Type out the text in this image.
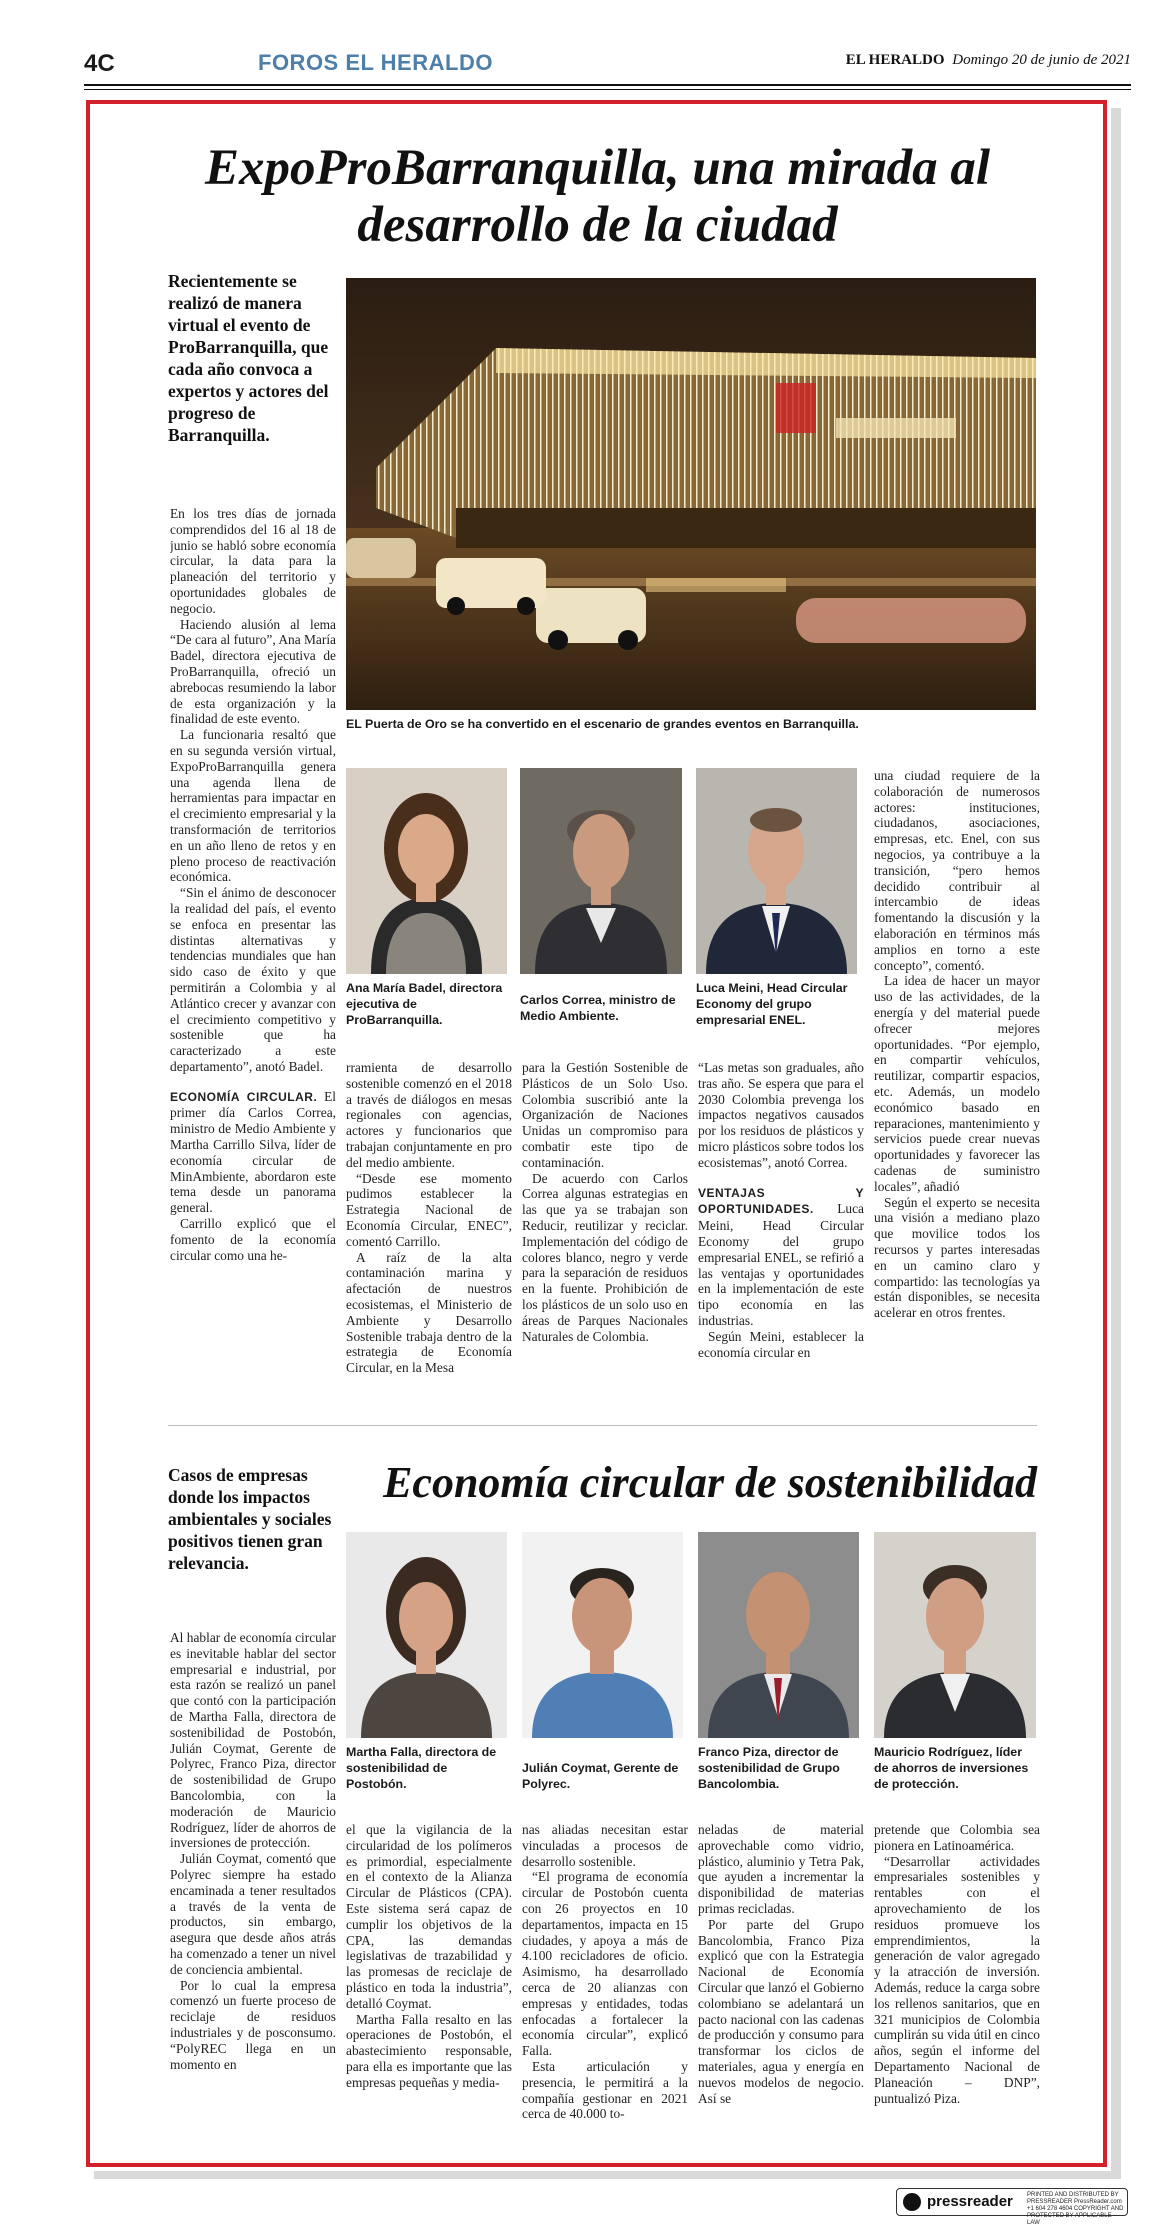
4C	FOROS EL HERALDO	EL HERALDO Domingo 20 de junio de 2021
ExpoProBarranquilla, una mirada al desarrollo de la ciudad
Recientemente se realizó de manera virtual el evento de ProBarranquilla, que cada año convoca a expertos y actores del progreso de Barranquilla.
EL Puerta de Oro se ha convertido en el escenario de grandes eventos en Barranquilla.
Ana María Badel, directora ejecutiva de ProBarranquilla.
Carlos Correa, ministro de Medio Ambiente.
Luca Meini, Head Circular Economy del grupo empresarial ENEL.

En los tres días de jornada comprendidos del 16 al 18 de junio se habló sobre economía circular, la data para la planeación del territorio y oportunidades globales de negocio.

Haciendo alusión al lema “De cara al futuro”, Ana María Badel, directora ejecutiva de ProBarranquilla, ofreció un abrebocas resumiendo la labor de esta organización y la finalidad de este evento.

La funcionaria resaltó que en su segunda versión virtual, ExpoProBarranquilla genera una agenda llena de herramientas para impactar en el crecimiento empresarial y la transformación de territorios en un año lleno de retos y en pleno proceso de reactivación económica.

“Sin el ánimo de desconocer la realidad del país, el evento se enfoca en presentar las distintas alternativas y tendencias mundiales que han sido caso de éxito y que permitirán a Colombia y al Atlántico crecer y avanzar con el crecimiento competitivo y sostenible que ha caracterizado a este departamento”, anotó Badel.

ECONOMÍA CIRCULAR. El primer día Carlos Correa, ministro de Medio Ambiente y Martha Carrillo Silva, líder de economía circular de MinAmbiente, abordaron este tema desde un panorama general.

Carrillo explicó que el fomento de la economía circular como una he-

rramienta de desarrollo sostenible comenzó en el 2018 a través de diálogos en mesas regionales con agencias, actores y funcionarios que trabajan conjuntamente en pro del medio ambiente.

“Desde ese momento pudimos establecer la Estrategia Nacional de Economía Circular, ENEC”, comentó Carrillo.

A raíz de la alta contaminación marina y afectación de nuestros ecosistemas, el Ministerio de Ambiente y Desarrollo Sostenible trabaja dentro de la estrategia de Economía Circular, en la Mesa

para la Gestión Sostenible de Plásticos de un Solo Uso. Colombia suscribió ante la Organización de Naciones Unidas un compromiso para combatir este tipo de contaminación.

De acuerdo con Carlos Correa algunas estrategias en las que ya se trabajan son Reducir, reutilizar y reciclar. Implementación del código de colores blanco, negro y verde para la separación de residuos en la fuente. Prohibición de los plásticos de un solo uso en áreas de Parques Nacionales Naturales de Colombia.

“Las metas son graduales, año tras año. Se espera que para el 2030 Colombia prevenga los impactos negativos causados por los residuos de plásticos y micro plásticos sobre todos los ecosistemas”, anotó Correa.

VENTAJAS Y OPORTUNIDADES. Luca Meini, Head Circular Economy del grupo empresarial ENEL, se refirió a las ventajas y oportunidades en la implementación de este tipo economía en las industrias.

Según Meini, establecer la economía circular en

una ciudad requiere de la colaboración de numerosos actores: instituciones, ciudadanos, asociaciones, empresas, etc. Enel, con sus negocios, ya contribuye a la transición, “pero hemos decidido contribuir al intercambio de ideas fomentando la discusión y la elaboración en términos más amplios en torno a este concepto”, comentó.

La idea de hacer un mayor uso de las actividades, de la energía y del material puede ofrecer mejores oportunidades. “Por ejemplo, en compartir vehículos, reutilizar, compartir espacios, etc. Además, un modelo económico basado en reparaciones, mantenimiento y servicios puede crear nuevas oportunidades y favorecer las cadenas de suministro locales”, añadió

Según el experto se necesita una visión a mediano plazo que movilice todos los recursos y partes interesadas en un camino claro y compartido: las tecnologías ya están disponibles, se necesita acelerar en otros frentes.

Economía circular de sostenibilidad
Casos de empresas donde los impactos ambientales y sociales positivos tienen gran relevancia.
Martha Falla, directora de sostenibilidad de Postobón.
Julián Coymat, Gerente de Polyrec.
Franco Piza, director de sostenibilidad de Grupo Bancolombia.
Mauricio Rodríguez, líder de ahorros de inversiones de protección.

Al hablar de economía circular es inevitable hablar del sector empresarial e industrial, por esta razón se realizó un panel que contó con la participación de Martha Falla, directora de sostenibilidad de Postobón, Julián Coymat, Gerente de Polyrec, Franco Piza, director de sostenibilidad de Grupo Bancolombia, con la moderación de Mauricio Rodríguez, líder de ahorros de inversiones de protección.

Julián Coymat, comentó que Polyrec siempre ha estado encaminada a tener resultados a través de la venta de productos, sin embargo, asegura que desde años atrás ha comenzado a tener un nivel de conciencia ambiental.

Por lo cual la empresa comenzó un fuerte proceso de reciclaje de residuos industriales y de posconsumo. “PolyREC llega en un momento en

el que la vigilancia de la circularidad de los polímeros es primordial, especialmente en el contexto de la Alianza Circular de Plásticos (CPA). Este sistema será capaz de cumplir los objetivos de la CPA, las demandas legislativas de trazabilidad y las promesas de reciclaje de plástico en toda la industria”, detalló Coymat.

Martha Falla resalto en las operaciones de Postobón, el abastecimiento responsable, para ella es importante que las empresas pequeñas y media-

nas aliadas necesitan estar vinculadas a procesos de desarrollo sostenible.

“El programa de economía circular de Postobón cuenta con 26 proyectos en 10 departamentos, impacta en 15 ciudades, y apoya a más de 4.100 recicladores de oficio. Asimismo, ha desarrollado cerca de 20 alianzas con empresas y entidades, todas enfocadas a fortalecer la economía circular”, explicó Falla.

Esta articulación y presencia, le permitirá a la compañía gestionar en 2021 cerca de 40.000 to-

neladas de material aprovechable como vidrio, plástico, aluminio y Tetra Pak, que ayuden a incrementar la disponibilidad de materias primas recicladas.

Por parte del Grupo Bancolombia, Franco Piza explicó que con la Estrategia Nacional de Economía Circular que lanzó el Gobierno colombiano se adelantará un pacto nacional con las cadenas de producción y consumo para transformar los ciclos de materiales, agua y energía en nuevos modelos de negocio. Así se

pretende que Colombia sea pionera en Latinoamérica.

“Desarrollar actividades empresariales sostenibles y rentables con el aprovechamiento de los residuos promueve los emprendimientos, la generación de valor agregado y la atracción de inversión. Además, reduce la carga sobre los rellenos sanitarios, que en 321 municipios de Colombia cumplirán su vida útil en cinco años, según el informe del Departamento Nacional de Planeación – DNP”, puntualizó Piza.

pressreader PRINTED AND DISTRIBUTED BY PRESSREADER PressReader.com +1 604 278 4604 COPYRIGHT AND PROTECTED BY APPLICABLE LAW
